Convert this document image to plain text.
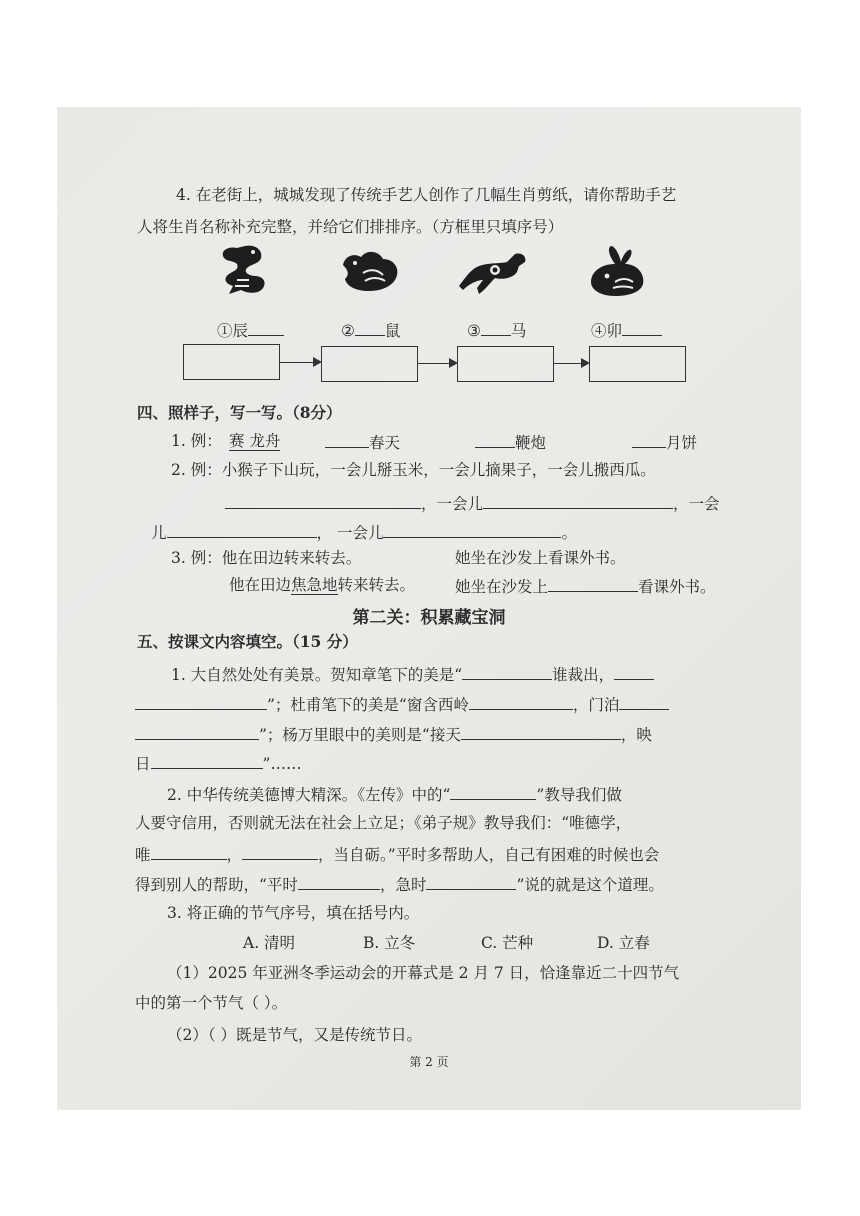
4. 在老街上，城城发现了传统手艺人创作了几幅生肖剪纸，请你帮助手艺
人将生肖名称补充完整，并给它们排排序。（方框里只填序号）
①辰	② 鼠	③ 马	④卯
四、照样子，写一写。（8分）
1. 例： 赛 龙舟	春天	鞭炮	月饼
2. 例：小猴子下山玩，一会儿掰玉米，一会儿摘果子，一会儿搬西瓜。
，一会儿	，一会
儿	， 一会儿	。
3. 例：他在田边转来转去。	她坐在沙发上看课外书。
他在田边焦急地转来转去。	她坐在沙发上	看课外书。
第二关：积累藏宝洞
五、按课文内容填空。（15 分）
1. 大自然处处有美景。贺知章笔下的美是“	谁裁出，
”；杜甫笔下的美是“窗含西岭	，门泊
”；杨万里眼中的美则是“接天	，映
日	”……
2. 中华传统美德博大精深。《左传》中的“	”教导我们做
人要守信用，否则就无法在社会上立足；《弟子规》教导我们：“唯德学，
唯	，	，当自砺。”平时多帮助人，自己有困难的时候也会
得到别人的帮助，“平时	，急时	”说的就是这个道理。
3. 将正确的节气序号，填在括号内。
A. 清明	B. 立冬	C. 芒种	D. 立春
（1）2025 年亚洲冬季运动会的开幕式是 2 月 7 日，恰逢靠近二十四节气
中的第一个节气（ ）。
（2）（ ）既是节气，又是传统节日。
第 2 页
